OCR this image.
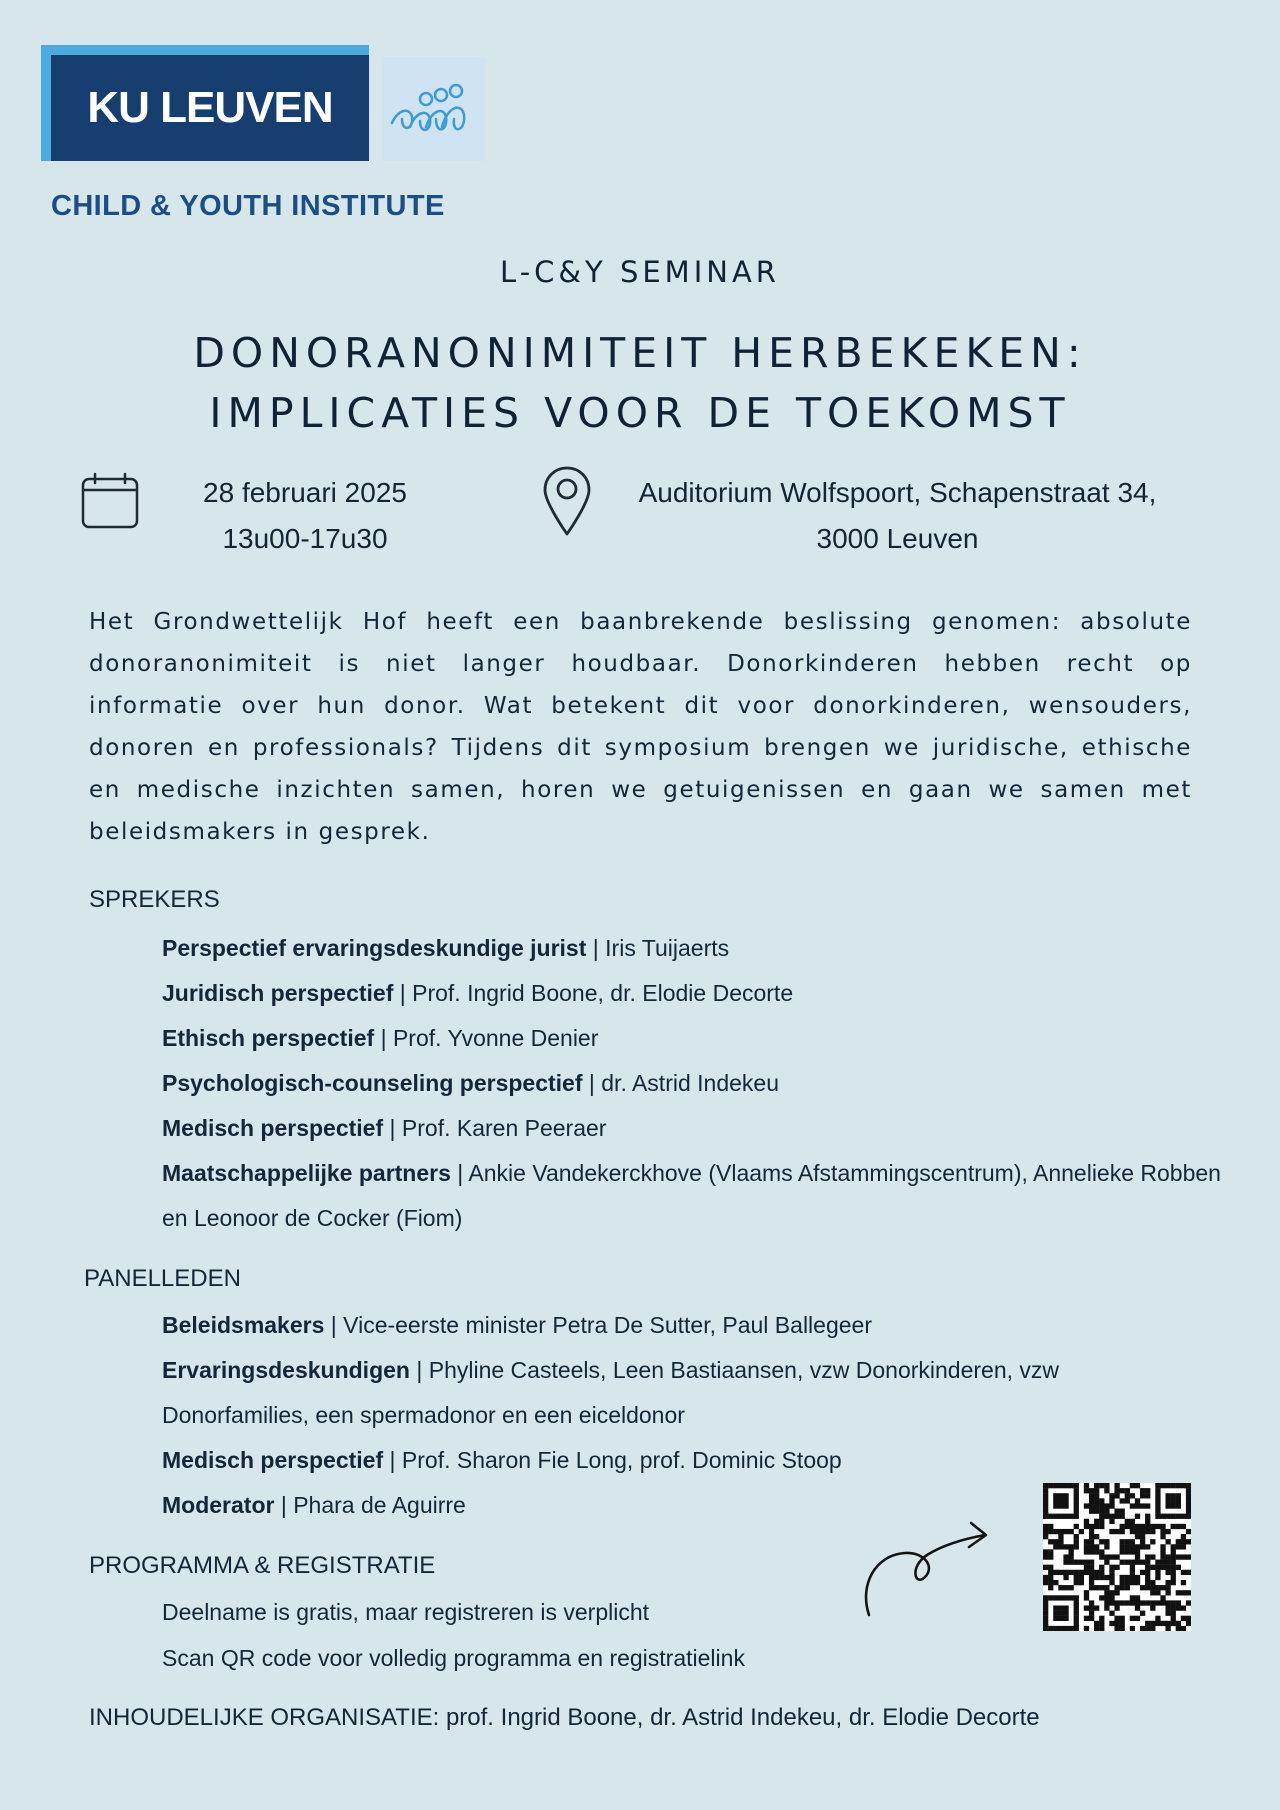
KU LEUVEN
CHILD & YOUTH INSTITUTE
L-C&Y SEMINAR
DONORANONIMITEIT HERBEKEKEN:
IMPLICATIES VOOR DE TOEKOMST
28 februari 2025
13u00-17u30
Auditorium Wolfspoort, Schapenstraat 34,
3000 Leuven
Het Grondwettelijk Hof heeft een baanbrekende beslissing genomen: absolute donoranonimiteit is niet langer houdbaar. Donorkinderen hebben recht op informatie over hun donor. Wat betekent dit voor donorkinderen, wensouders, donoren en professionals? Tijdens dit symposium brengen we juridische, ethische en medische inzichten samen, horen we getuigenissen en gaan we samen met beleidsmakers in gesprek.
SPREKERS
Perspectief ervaringsdeskundige jurist | Iris Tuijaerts
Juridisch perspectief | Prof. Ingrid Boone, dr. Elodie Decorte
Ethisch perspectief | Prof. Yvonne Denier
Psychologisch-counseling perspectief | dr. Astrid Indekeu
Medisch perspectief | Prof. Karen Peeraer
Maatschappelijke partners | Ankie Vandekerckhove (Vlaams Afstammingscentrum), Annelieke Robben en Leonoor de Cocker (Fiom)
PANELLEDEN
Beleidsmakers | Vice-eerste minister Petra De Sutter, Paul Ballegeer
Ervaringsdeskundigen | Phyline Casteels, Leen Bastiaansen, vzw Donorkinderen, vzw Donorfamilies, een spermadonor en een eiceldonor
Medisch perspectief | Prof. Sharon Fie Long, prof. Dominic Stoop
Moderator | Phara de Aguirre
PROGRAMMA & REGISTRATIE
Deelname is gratis, maar registreren is verplicht
Scan QR code voor volledig programma en registratielink
INHOUDELIJKE ORGANISATIE: prof. Ingrid Boone, dr. Astrid Indekeu, dr. Elodie Decorte
